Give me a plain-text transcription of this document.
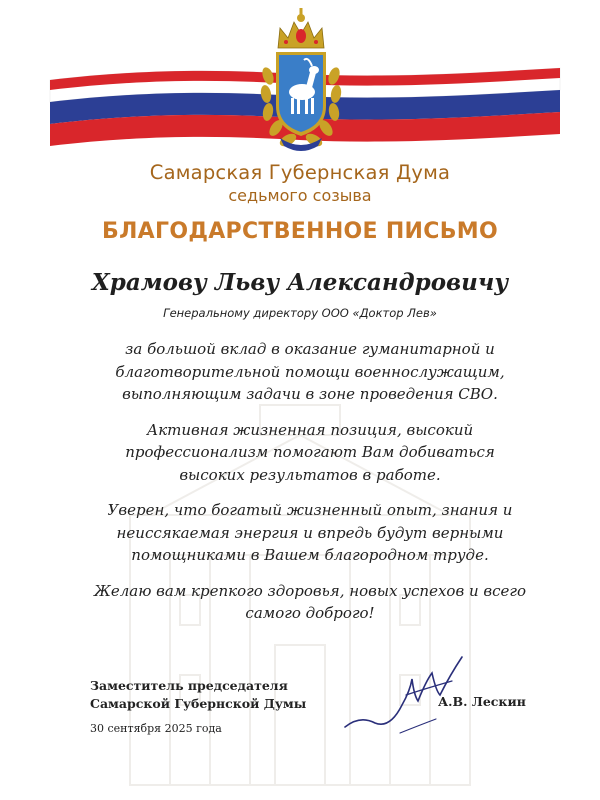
Самарская Губернская Дума
седьмого созыва
БЛАГОДАРСТВЕННОЕ ПИСЬМО
Храмову Льву Александровичу
Генеральному директору ООО «Доктор Лев»

за большой вклад в оказание гуманитарной и
благотворительной помощи военнослужащим,
выполняющим задачи в зоне проведения СВО.

Активная жизненная позиция, высокий
профессионализм помогают Вам добиваться
высоких результатов в работе.

Уверен, что богатый жизненный опыт, знания и
неиссякаемая энергия и впредь будут верными
помощниками в Вашем благородном труде.

Желаю вам крепкого здоровья, новых успехов и всего
самого доброго!

Заместитель председателя
Самарской Губернской Думы	А.В. Лескин
30 сентября 2025 года
